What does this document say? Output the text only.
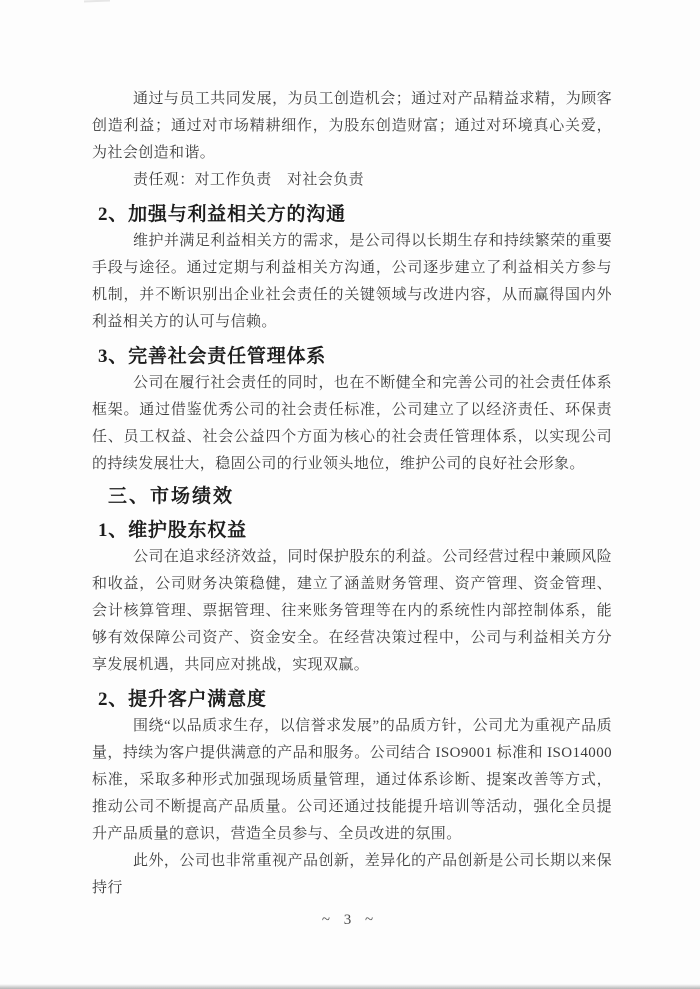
通过与员工共同发展，为员工创造机会；通过对产品精益求精，为顾客创造利益；通过对市场精耕细作，为股东创造财富；通过对环境真心关爱，为社会创造和谐。

责任观：对工作负责　对社会负责

2、加强与利益相关方的沟通

维护并满足利益相关方的需求，是公司得以长期生存和持续繁荣的重要手段与途径。通过定期与利益相关方沟通，公司逐步建立了利益相关方参与机制，并不断识别出企业社会责任的关键领域与改进内容，从而赢得国内外利益相关方的认可与信赖。

3、完善社会责任管理体系

公司在履行社会责任的同时，也在不断健全和完善公司的社会责任体系框架。通过借鉴优秀公司的社会责任标准，公司建立了以经济责任、环保责任、员工权益、社会公益四个方面为核心的社会责任管理体系，以实现公司的持续发展壮大，稳固公司的行业领头地位，维护公司的良好社会形象。

三、市场绩效
1、维护股东权益

公司在追求经济效益，同时保护股东的利益。公司经营过程中兼顾风险和收益，公司财务决策稳健，建立了涵盖财务管理、资产管理、资金管理、会计核算管理、票据管理、往来账务管理等在内的系统性内部控制体系，能够有效保障公司资产、资金安全。在经营决策过程中，公司与利益相关方分享发展机遇，共同应对挑战，实现双赢。

2、提升客户满意度

围绕“以品质求生存，以信誉求发展”的品质方针，公司尤为重视产品质量，持续为客户提供满意的产品和服务。公司结合 ISO9001 标准和 ISO14000 标准，采取多种形式加强现场质量管理，通过体系诊断、提案改善等方式，推动公司不断提高产品质量。公司还通过技能提升培训等活动，强化全员提升产品质量的意识，营造全员参与、全员改进的氛围。

此外，公司也非常重视产品创新，差异化的产品创新是公司长期以来保持行

~ 3 ~
